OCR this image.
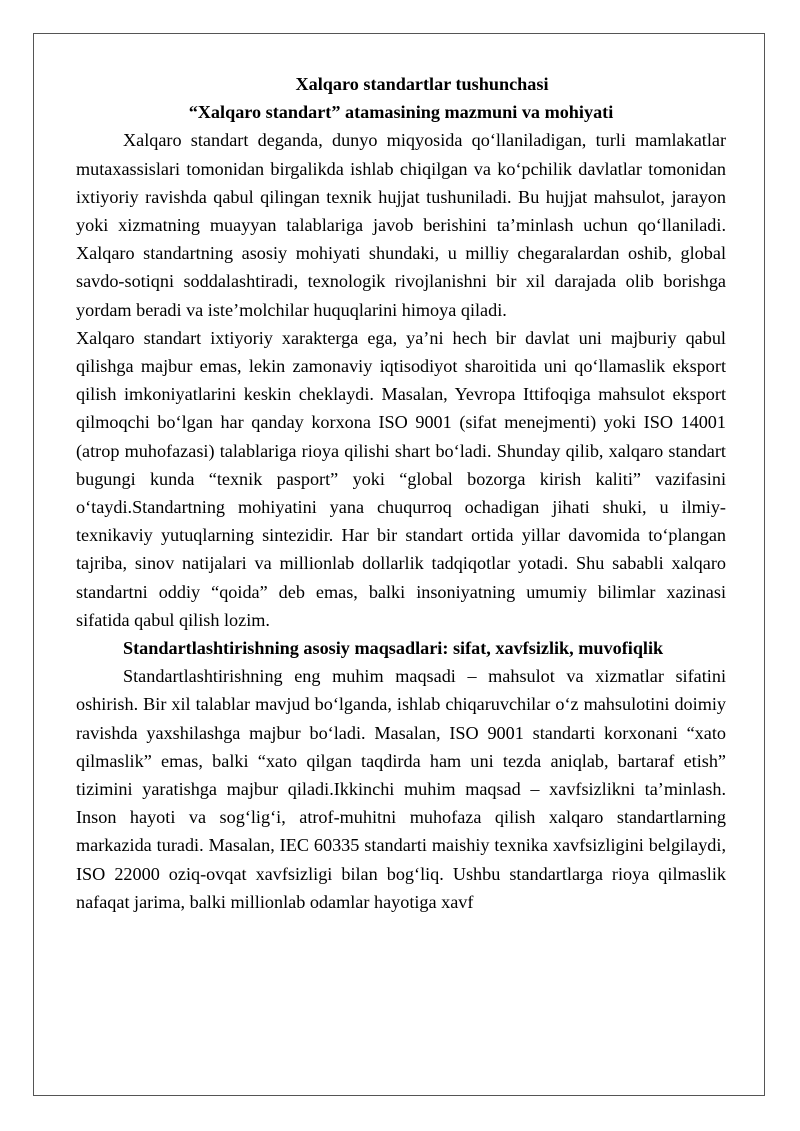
Xalqaro standartlar tushunchasi
“Xalqaro standart” atamasining mazmuni va mohiyati

Xalqaro standart deganda, dunyo miqyosida qo‘llaniladigan, turli mamlakatlar mutaxassislari tomonidan birgalikda ishlab chiqilgan va ko‘pchilik davlatlar tomonidan ixtiyoriy ravishda qabul qilingan texnik hujjat tushuniladi. Bu hujjat mahsulot, jarayon yoki xizmatning muayyan talablariga javob berishini ta’minlash uchun qo‘llaniladi. Xalqaro standartning asosiy mohiyati shundaki, u milliy chegaralardan oshib, global savdo-sotiqni soddalashtiradi, texnologik rivojlanishni bir xil darajada olib borishga yordam beradi va iste’molchilar huquqlarini himoya qiladi.

Xalqaro standart ixtiyoriy xarakterga ega, ya’ni hech bir davlat uni majburiy qabul qilishga majbur emas, lekin zamonaviy iqtisodiyot sharoitida uni qo‘llamaslik eksport qilish imkoniyatlarini keskin cheklaydi. Masalan, Yevropa Ittifoqiga mahsulot eksport qilmoqchi bo‘lgan har qanday korxona ISO 9001 (sifat menejmenti) yoki ISO 14001 (atrop muhofazasi) talablariga rioya qilishi shart bo‘ladi. Shunday qilib, xalqaro standart bugungi kunda “texnik pasport” yoki “global bozorga kirish kaliti” vazifasini o‘taydi.Standartning mohiyatini yana chuqurroq ochadigan jihati shuki, u ilmiy-texnikaviy yutuqlarning sintezidir. Har bir standart ortida yillar davomida to‘plangan tajriba, sinov natijalari va millionlab dollarlik tadqiqotlar yotadi. Shu sababli xalqaro standartni oddiy “qoida” deb emas, balki insoniyatning umumiy bilimlar xazinasi sifatida qabul qilish lozim.

Standartlashtirishning asosiy maqsadlari: sifat, xavfsizlik, muvofiqlik

Standartlashtirishning eng muhim maqsadi – mahsulot va xizmatlar sifatini oshirish. Bir xil talablar mavjud bo‘lganda, ishlab chiqaruvchilar o‘z mahsulotini doimiy ravishda yaxshilashga majbur bo‘ladi. Masalan, ISO 9001 standarti korxonani “xato qilmaslik” emas, balki “xato qilgan taqdirda ham uni tezda aniqlab, bartaraf etish” tizimini yaratishga majbur qiladi.Ikkinchi muhim maqsad – xavfsizlikni ta’minlash. Inson hayoti va sog‘lig‘i, atrof-muhitni muhofaza qilish xalqaro standartlarning markazida turadi. Masalan, IEC 60335 standarti maishiy texnika xavfsizligini belgilaydi, ISO 22000 oziq-ovqat xavfsizligi bilan bog‘liq. Ushbu standartlarga rioya qilmaslik nafaqat jarima, balki millionlab odamlar hayotiga xavf
